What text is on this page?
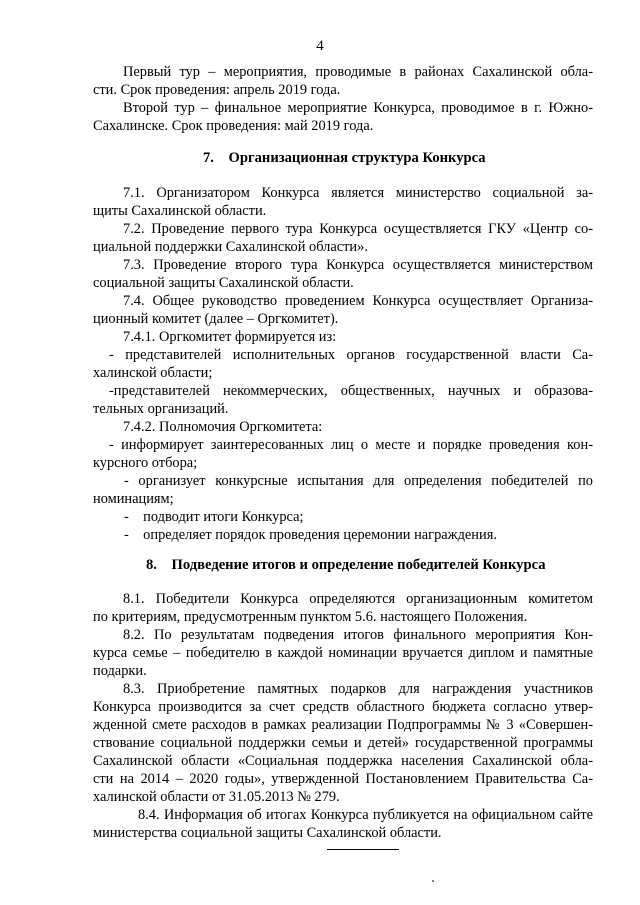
4
Первый тур – мероприятия, проводимые в районах Сахалинской обла-
сти. Срок проведения: апрель 2019 года.
Второй тур – финальное мероприятие Конкурса, проводимое в г. Южно-
Сахалинске. Срок проведения: май 2019 года.
7.    Организационная структура Конкурса
7.1. Организатором Конкурса является министерство социальной за-
щиты Сахалинской области.
7.2. Проведение первого тура Конкурса осуществляется ГКУ «Центр со-
циальной поддержки Сахалинской области».
7.3. Проведение второго тура Конкурса осуществляется министерством
социальной защиты Сахалинской области.
7.4. Общее руководство проведением Конкурса осуществляет Организа-
ционный комитет (далее – Оргкомитет).
7.4.1. Оргкомитет формируется из:
- представителей исполнительных органов государственной власти Са-
халинской области;
-представителей некоммерческих, общественных, научных и образова-
тельных организаций.
7.4.2. Полномочия Оргкомитета:
- информирует заинтересованных лиц о месте и порядке проведения кон-
курсного отбора;
- организует конкурсные испытания для определения победителей по
номинациям;
-    подводит итоги Конкурса;
-    определяет порядок проведения церемонии награждения.
8.    Подведение итогов и определение победителей Конкурса
8.1. Победители Конкурса определяются организационным комитетом
по критериям, предусмотренным пунктом 5.6. настоящего Положения.
8.2. По результатам подведения итогов финального мероприятия Кон-
курса семье – победителю в каждой номинации вручается диплом и памятные
подарки.
8.3. Приобретение памятных подарков для награждения участников
Конкурса производится за счет средств областного бюджета согласно утвер-
жденной смете расходов в рамках реализации Подпрограммы № 3 «Совершен-
ствование социальной поддержки семьи и детей» государственной программы
Сахалинской области «Социальная поддержка населения Сахалинской обла-
сти на 2014 – 2020 годы», утвержденной Постановлением Правительства Са-
халинской области от 31.05.2013 № 279.
8.4. Информация об итогах Конкурса публикуется на официальном сайте
министерства социальной защиты Сахалинской области.
